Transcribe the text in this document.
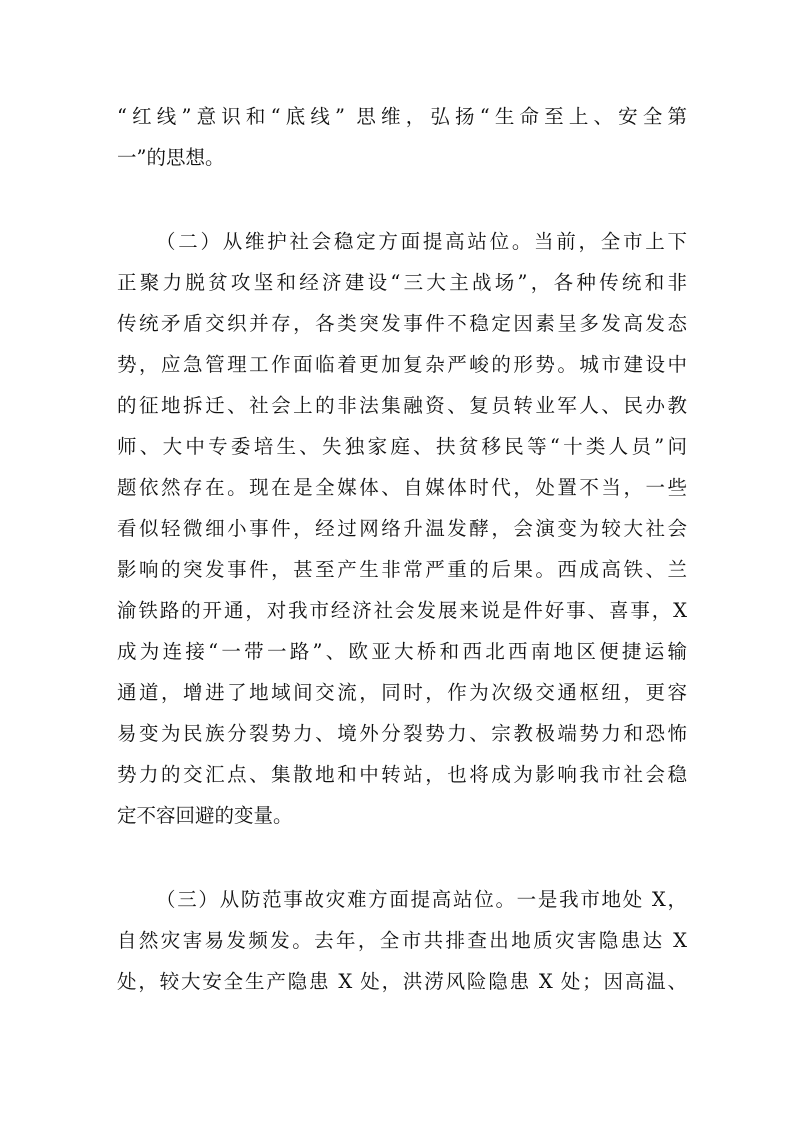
“红线”意识和“底线” 思维，弘扬“生命至上、安全第
一”的思想。
（二）从维护社会稳定方面提高站位。当前，全市上下
正聚力脱贫攻坚和经济建设“三大主战场”，各种传统和非
传统矛盾交织并存，各类突发事件不稳定因素呈多发高发态
势，应急管理工作面临着更加复杂严峻的形势。城市建设中
的征地拆迁、社会上的非法集融资、复员转业军人、民办教
师、大中专委培生、失独家庭、扶贫移民等“十类人员”问
题依然存在。现在是全媒体、自媒体时代，处置不当，一些
看似轻微细小事件，经过网络升温发酵，会演变为较大社会
影响的突发事件，甚至产生非常严重的后果。西成高铁、兰
渝铁路的开通，对我市经济社会发展来说是件好事、喜事，X
成为连接“一带一路”、欧亚大桥和西北西南地区便捷运输
通道，增进了地域间交流，同时，作为次级交通枢纽，更容
易变为民族分裂势力、境外分裂势力、宗教极端势力和恐怖
势力的交汇点、集散地和中转站，也将成为影响我市社会稳
定不容回避的变量。
（三）从防范事故灾难方面提高站位。一是我市地处 X，
自然灾害易发频发。去年，全市共排查出地质灾害隐患达 X
处，较大安全生产隐患 X 处，洪涝风险隐患 X 处；因高温、
